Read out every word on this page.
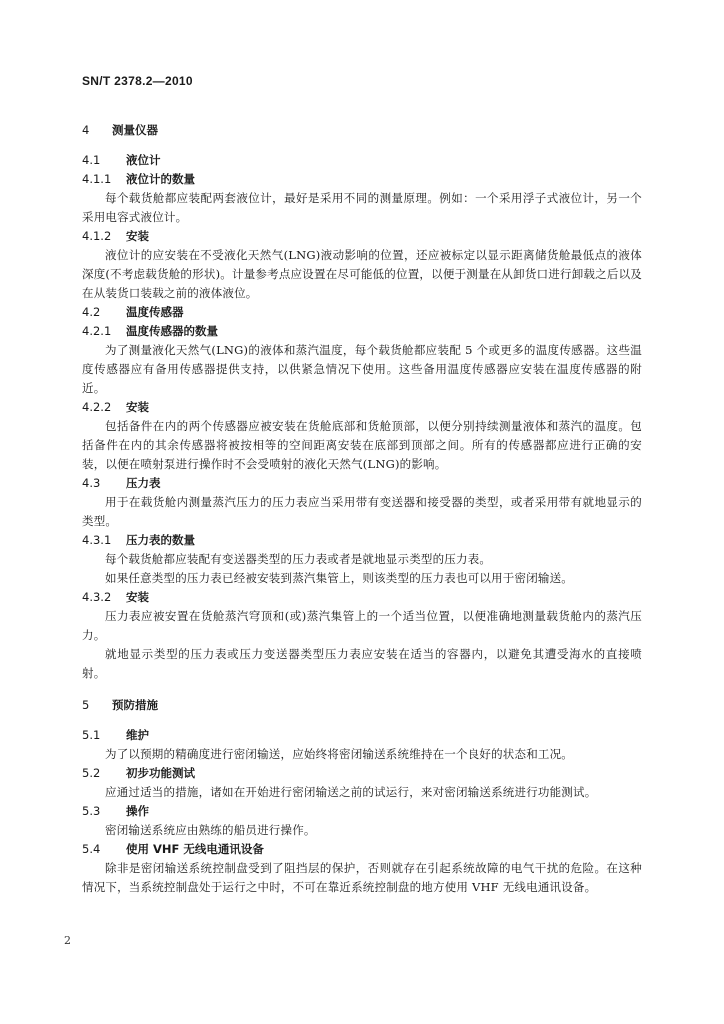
SN/T 2378.2—2010
4 测量仪器
4.1 液位计
4.1.1 液位计的数量
每个载货舱都应装配两套液位计，最好是采用不同的测量原理。例如：一个采用浮子式液位计，另一个采用电容式液位计。
4.1.2 安装
液位计的应安装在不受液化天然气(LNG)液动影响的位置，还应被标定以显示距离储货舱最低点的液体深度(不考虑载货舱的形状)。计量参考点应设置在尽可能低的位置，以便于测量在从卸货口进行卸载之后以及在从装货口装载之前的液体液位。
4.2 温度传感器
4.2.1 温度传感器的数量
为了测量液化天然气(LNG)的液体和蒸汽温度，每个载货舱都应装配 5 个或更多的温度传感器。这些温度传感器应有备用传感器提供支持，以供紧急情况下使用。这些备用温度传感器应安装在温度传感器的附近。
4.2.2 安装
包括备件在内的两个传感器应被安装在货舱底部和货舱顶部，以便分别持续测量液体和蒸汽的温度。包括备件在内的其余传感器将被按相等的空间距离安装在底部到顶部之间。所有的传感器都应进行正确的安装，以便在喷射泵进行操作时不会受喷射的液化天然气(LNG)的影响。
4.3 压力表
用于在载货舱内测量蒸汽压力的压力表应当采用带有变送器和接受器的类型，或者采用带有就地显示的类型。
4.3.1 压力表的数量
每个载货舱都应装配有变送器类型的压力表或者是就地显示类型的压力表。
如果任意类型的压力表已经被安装到蒸汽集管上，则该类型的压力表也可以用于密闭输送。
4.3.2 安装
压力表应被安置在货舱蒸汽穹顶和(或)蒸汽集管上的一个适当位置，以便准确地测量载货舱内的蒸汽压力。
就地显示类型的压力表或压力变送器类型压力表应安装在适当的容器内，以避免其遭受海水的直接喷射。
5 预防措施
5.1 维护
为了以预期的精确度进行密闭输送，应始终将密闭输送系统维持在一个良好的状态和工况。
5.2 初步功能测试
应通过适当的措施，诸如在开始进行密闭输送之前的试运行，来对密闭输送系统进行功能测试。
5.3 操作
密闭输送系统应由熟练的船员进行操作。
5.4 使用 VHF 无线电通讯设备
除非是密闭输送系统控制盘受到了阻挡层的保护，否则就存在引起系统故障的电气干扰的危险。在这种情况下，当系统控制盘处于运行之中时，不可在靠近系统控制盘的地方使用 VHF 无线电通讯设备。
2
